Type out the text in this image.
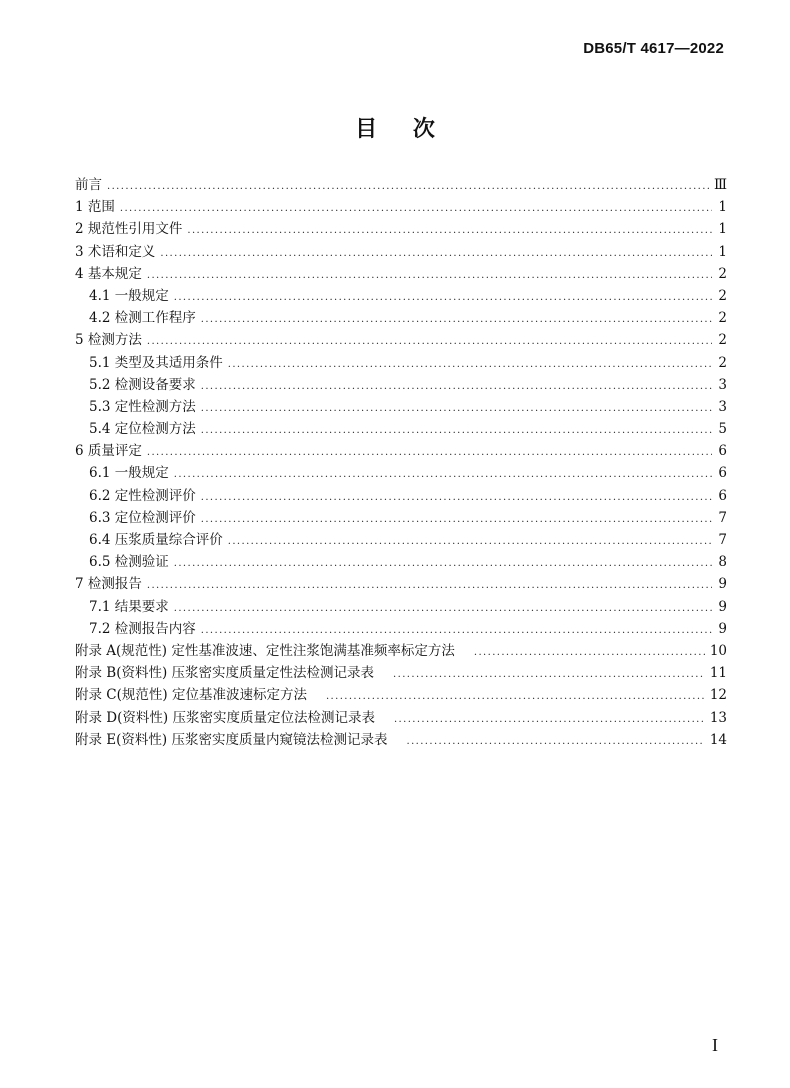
DB65/T 4617—2022
目 次
前言 .....	Ⅲ
1 范围 .....	1
2 规范性引用文件 .....	1
3 术语和定义 .....	1
4 基本规定 .....	2
4.1 一般规定 .....	2
4.2 检测工作程序 .....	2
5 检测方法 .....	2
5.1 类型及其适用条件 .....	2
5.2 检测设备要求 .....	3
5.3 定性检测方法 .....	3
5.4 定位检测方法 .....	5
6 质量评定 .....	6
6.1 一般规定 .....	6
6.2 定性检测评价 .....	6
6.3 定位检测评价 .....	7
6.4 压浆质量综合评价 .....	7
6.5 检测验证 .....	8
7 检测报告 .....	9
7.1 结果要求 .....	9
7.2 检测报告内容 .....	9
附录 A(规范性) 定性基准波速、定性注浆饱满基准频率标定方法 .....	10
附录 B(资料性) 压浆密实度质量定性法检测记录表 .....	11
附录 C(规范性) 定位基准波速标定方法 .....	12
附录 D(资料性) 压浆密实度质量定位法检测记录表 .....	13
附录 E(资料性) 压浆密实度质量内窥镜法检测记录表 .....	14
I
